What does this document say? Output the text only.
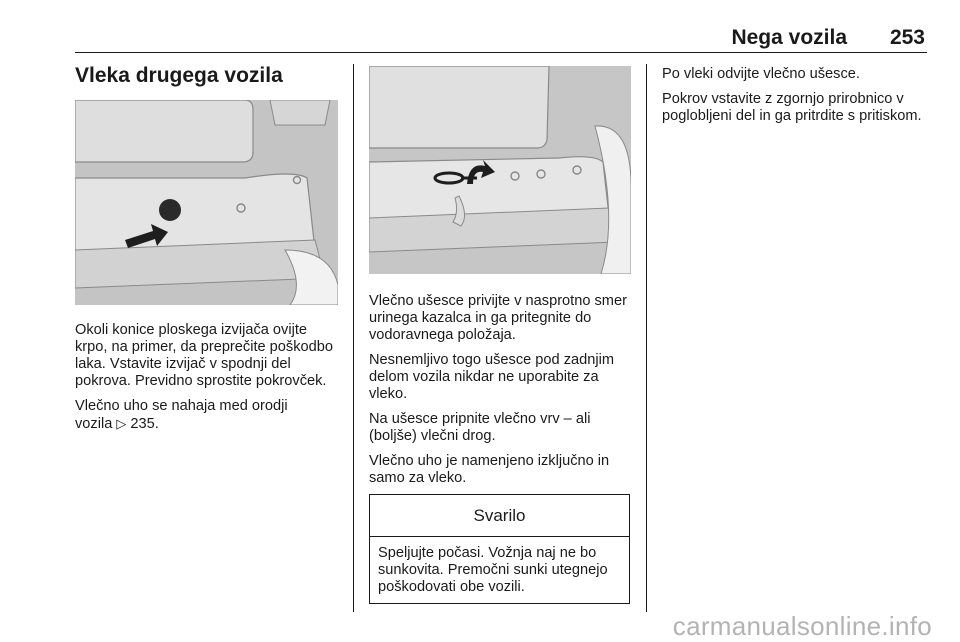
Nega vozila 253
Vleka drugega vozila

Okoli konice ploskega izvijača ovijte krpo, na primer, da preprečite poškodbo laka. Vstavite izvijač v spodnji del pokrova. Previdno sprostite pokrovček.

Vlečno uho se nahaja med orodji

vozila ▷ 235.

Vlečno ušesce privijte v nasprotno smer urinega kazalca in ga pritegnite do vodoravnega položaja.

Nesnemljivo togo ušesce pod zadnjim delom vozila nikdar ne uporabite za vleko.

Na ušesce pripnite vlečno vrv – ali (boljše) vlečni drog.

Vlečno uho je namenjeno izključno in samo za vleko.

Svarilo
Speljujte počasi. Vožnja naj ne bo sunkovita. Premočni sunki utegnejo poškodovati obe vozili.

Po vleki odvijte vlečno ušesce.

Pokrov vstavite z zgornjo prirobnico v poglobljeni del in ga pritrdite s pritiskom.

carmanualsonline.info
